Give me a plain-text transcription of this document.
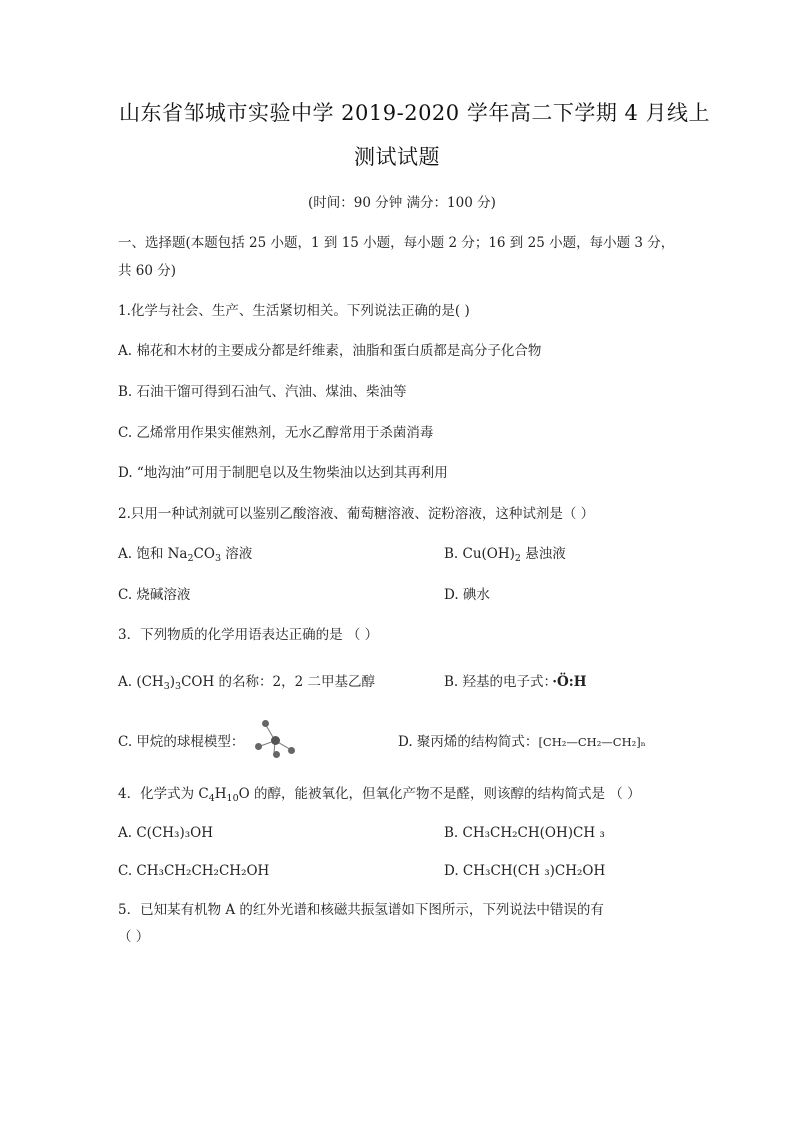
山东省邹城市实验中学 2019-2020 学年高二下学期 4 月线上
测试试题
(时间：90 分钟 满分：100 分)
一、选择题(本题包括 25 小题，1 到 15 小题，每小题 2 分；16 到 25 小题，每小题 3 分，
共 60 分)
1.化学与社会、生产、生活紧切相关。下列说法正确的是( )
A. 棉花和木材的主要成分都是纤维素，油脂和蛋白质都是高分子化合物
B. 石油干馏可得到石油气、汽油、煤油、柴油等
C. 乙烯常用作果实催熟剂，无水乙醇常用于杀菌消毒
D. “地沟油”可用于制肥皂以及生物柴油以达到其再利用
2.只用一种试剂就可以鉴别乙酸溶液、葡萄糖溶液、淀粉溶液，这种试剂是（ ）
A. 饱和 $Na_2CO_3$ 溶液	B. $Cu(OH)_2$ 悬浊液
C. 烧碱溶液	D. 碘水
3．下列物质的化学用语表达正确的是 （ ）
A. $(CH_3)_3COH$ 的名称：2，2 二甲基乙醇	B. 羟基的电子式： ·Ö:H
C. 甲烷的球棍模型：	D. 聚丙烯的结构简式：[CH₂—CH₂—CH₂]ₙ
4．化学式为 $C_4H_{10}O$ 的醇，能被氧化，但氧化产物不是醛，则该醇的结构简式是 （ ）
A. C(CH₃)₃OH	B. CH₃CH₂CH(OH)CH ₃
C. CH₃CH₂CH₂CH₂OH	D. CH₃CH(CH ₃)CH₂OH
5．已知某有机物 A 的红外光谱和核磁共振氢谱如下图所示，下列说法中错误的有
（ ）
